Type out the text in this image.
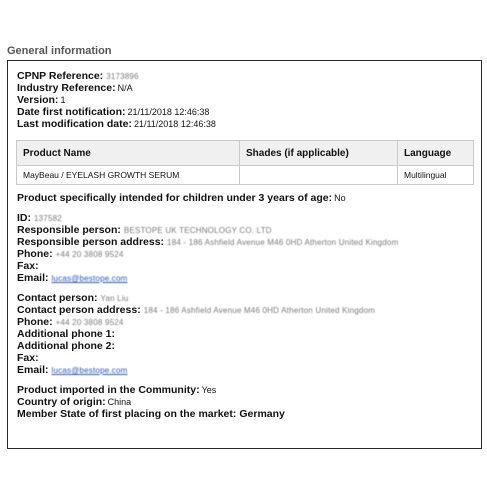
General information
CPNP Reference: 3173896
Industry Reference: N/A
Version: 1
Date first notification: 21/11/2018 12:46:38
Last modification date: 21/11/2018 12:46:38
Product Name	Shades (if applicable)	Language
MayBeau / EYELASH GROWTH SERUM		Multilingual
Product specifically intended for children under 3 years of age: No
ID: 137582
Responsible person: BESTOPE UK TECHNOLOGY CO. LTD
Responsible person address: 184 - 186 Ashfield Avenue M46 0HD Atherton United Kingdom
Phone: +44 20 3808 9524
Fax:
Email: lucas@bestope.com
Contact person: Yan Liu
Contact person address: 184 - 186 Ashfield Avenue M46 0HD Atherton United Kingdom
Phone: +44 20 3808 9524
Additional phone 1:
Additional phone 2:
Fax:
Email: lucas@bestope.com
Product imported in the Community: Yes
Country of origin: China
Member State of first placing on the market: Germany
